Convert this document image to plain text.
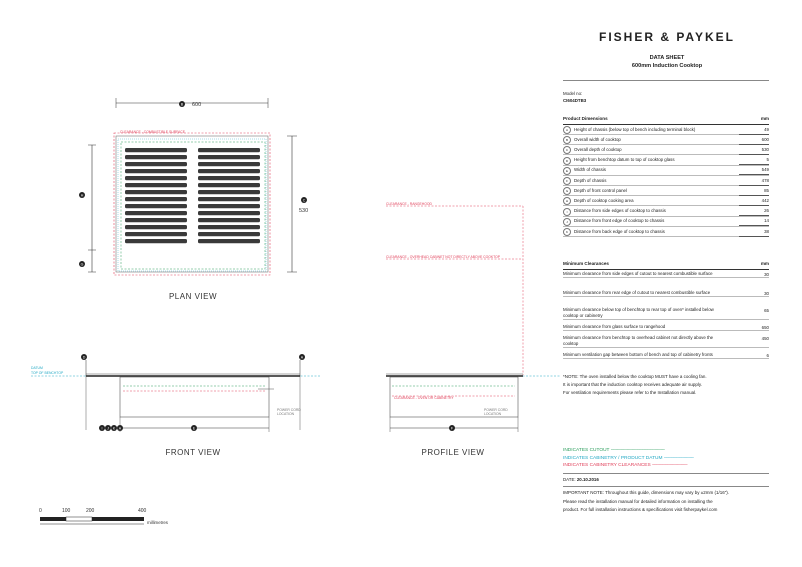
B 600
CLEARANCE - COMBUSTIBLE SURFACE
C
530
H
G
PLAN VIEW
DATUM
TOP OF BENCHTOP
POWER CORD
LOCATION
D	A
E
I J K A
FRONT VIEW
CLEARANCE - RANGEHOOD
CLEARANCE - OVERHEAD CABINET NOT DIRECTLY ABOVE COOKTOP
CLEARANCE - OVEN OR CABINETRY
POWER CORD
LOCATION
F
PROFILE VIEW
0	100	200	400
millimetres
FISHER & PAYKEL
DATA SHEET
600mm Induction Cooktop
Model no:
CI604DTB3
Product Dimensions	mm
A	Height of chassis (below top of bench including terminal block)	49
B	Overall width of cooktop	600
C	Overall depth of cooktop	530
D	Height from benchtop datum to top of cooktop glass	5
E	Width of chassis	549
F	Depth of chassis	478
G	Depth of front control panel	85
H	Depth of cooktop cooking area	442
I	Distance from side edges of cooktop to chassis	26
J	Distance from front edge of cooktop to chassis	14
K	Distance from back edge of cooktop to chassis	38
Minimum Clearances	mm
Minimum clearance from side edges of cutout to nearest combustible surface	30
Minimum clearance from rear edge of cutout to nearest combustible surface	30
Minimum clearance below top of benchtop to rear top of oven* installed below cooktop or cabinetry
65
Minimum clearance from glass surface to rangehood	650
Minimum clearance from benchtop to overhead cabinet not directly above the cooktop
450
Minimum ventilation gap between bottom of bench and top of cabinetry fronts	6
*NOTE: The oven installed below the cooktop MUST have a cooling fan.
It is important that the induction cooktop receives adequate air supply.
For ventilation requirements please refer to the Installation manual.
INDICATES CUTOUT -------------------------------------------------
INDICATES CABINETRY / PRODUCT DATUM ---------------------------
INDICATES CABINETRY CLEARANCES --------------------------------
DATE: 20.10.2016
IMPORTANT NOTE: Throughout this guide, dimensions may vary by ±2mm (1/16").
Please read the installation manual for detailed information on installing the
product. For full installation instructions & specifications visit fisherpaykel.com
